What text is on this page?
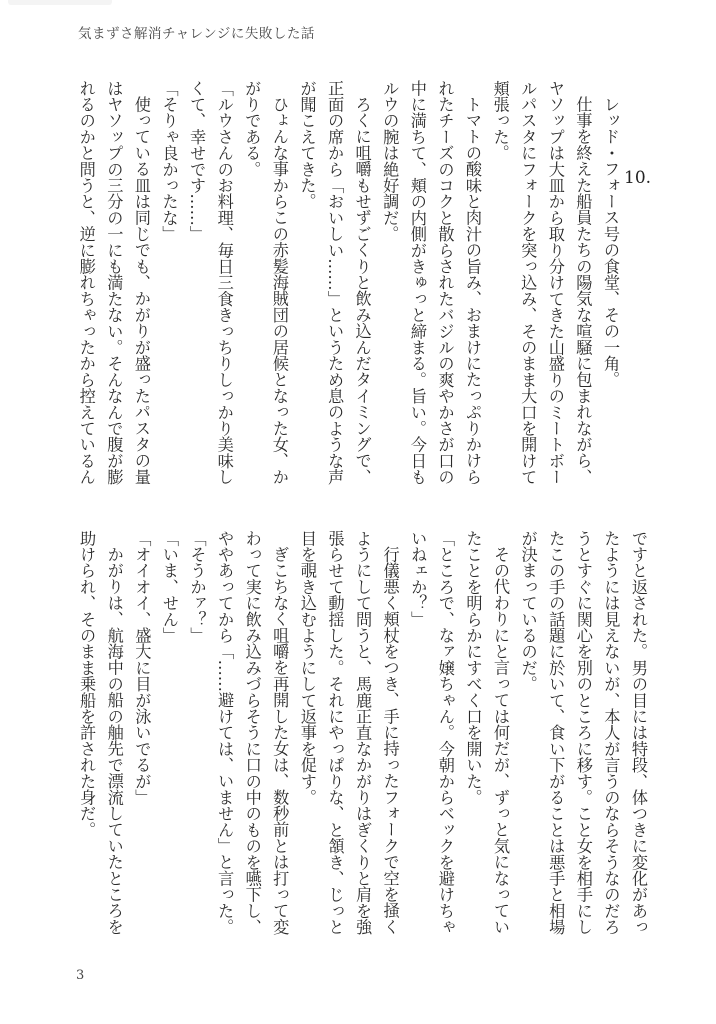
気まずさ解消チャレンジに失敗した話
10.

レッド・フォース号の食堂、その一角。

仕事を終えた船員たちの陽気な喧騒に包まれながら、

ヤソップは大皿から取り分けてきた山盛りのミートボー

ルパスタにフォークを突っ込み、そのまま大口を開けて

頬張った。

トマトの酸味と肉汁の旨み、おまけにたっぷりかけら

れたチーズのコクと散らされたバジルの爽やかさが口の

中に満ちて、頬の内側がきゅっと締まる。旨い。今日も

ルウの腕は絶好調だ。

ろくに咀嚼もせずごくりと飲み込んだタイミングで、

正面の席から「おいしい……」というため息のような声

が聞こえてきた。

ひょんな事からこの赤髪海賊団の居候となった女、か

がりである。

「ルウさんのお料理、毎日三食きっちりしっかり美味し

くて、幸せです……」

「そりゃ良かったな」

使っている皿は同じでも、かがりが盛ったパスタの量

はヤソップの三分の一にも満たない。そんなんで腹が膨

れるのかと問うと、逆に膨れちゃったから控えているん

ですと返された。男の目には特段、体つきに変化があっ

たようには見えないが、本人が言うのならそうなのだろ

うとすぐに関心を別のところに移す。こと女を相手にし

たこの手の話題に於いて、食い下がることは悪手と相場

が決まっているのだ。

その代わりにと言っては何だが、ずっと気になってい

たことを明らかにすべく口を開いた。

「ところで、なァ嬢ちゃん。今朝からベックを避けちゃ

いねェか？」

行儀悪く頬杖をつき、手に持ったフォークで空を掻く

ようにして問うと、馬鹿正直なかがりはぎくりと肩を強

張らせて動揺した。それにやっぱりな、と頷き、じっと

目を覗き込むようにして返事を促す。

ぎこちなく咀嚼を再開した女は、数秒前とは打って変

わって実に飲み込みづらそうに口の中のものを嚥下し、

ややあってから「……避けては、いません」と言った。

「そうかァ？」

「いま、せん」

「オイオイ、盛大に目が泳いでるが」

かがりは、航海中の船の舳先で漂流していたところを

助けられ、そのまま乗船を許された身だ。

3
